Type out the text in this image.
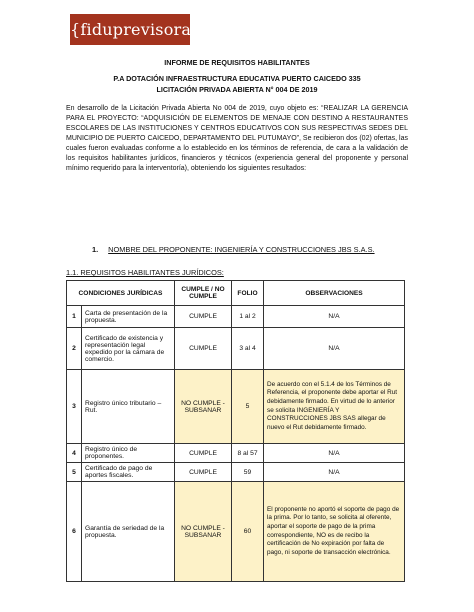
{fiduprevisora}
INFORME DE REQUISITOS HABILITANTES
P.A DOTACIÓN INFRAESTRUCTURA EDUCATIVA PUERTO CAICEDO 335
LICITACIÓN PRIVADA ABIERTA N° 004 DE 2019
En desarrollo de la Licitación Privada Abierta No 004 de 2019, cuyo objeto es: “REALIZAR LA GERENCIA PARA EL PROYECTO: “ADQUISICIÓN DE ELEMENTOS DE MENAJE CON DESTINO A RESTAURANTES ESCOLARES DE LAS INSTITUCIONES Y CENTROS EDUCATIVOS CON SUS RESPECTIVAS SEDES DEL MUNICIPIO DE PUERTO CAICEDO, DEPARTAMENTO DEL PUTUMAYO”, Se recibieron dos (02) ofertas, las cuales fueron evaluadas conforme a lo establecido en los términos de referencia, de cara a la validación de los requisitos habilitantes jurídicos, financieros y técnicos (experiencia general del proponente y personal mínimo requerido para la interventoría), obteniendo los siguientes resultados:
1. NOMBRE DEL PROPONENTE: INGENIERÍA Y CONSTRUCCIONES JBS S.A.S.
1.1. REQUISITOS HABILITANTES JURÍDICOS:
CONDICIONES JURÍDICAS		CUMPLE / NO CUMPLE	FOLIO	OBSERVACIONES
1	Carta de presentación de la propuesta.	CUMPLE	1 al 2	N/A
2	Certificado de existencia y representación legal expedido por la cámara de comercio.	CUMPLE	3 al 4	N/A
3	Registro único tributario – Rut.	NO CUMPLE - SUBSANAR	5	De acuerdo con el 5.1.4 de los Términos de Referencia, el proponente debe aportar el Rut debidamente firmado. En virtud de lo anterior se solicita INGENIERÍA Y CONSTRUCCIONES JBS SAS allegar de nuevo el Rut debidamente firmado.
4	Registro único de proponentes.	CUMPLE	8 al 57	N/A
5	Certificado de pago de aportes fiscales.	CUMPLE	59	N/A
6	Garantía de seriedad de la propuesta.	NO CUMPLE - SUBSANAR	60	El proponente no aportó el soporte de pago de la prima. Por lo tanto, se solicita al oferente, aportar el soporte de pago de la prima correspondiente, NO es de recibo la certificación de No expiración por falta de pago, ni soporte de transacción electrónica.
